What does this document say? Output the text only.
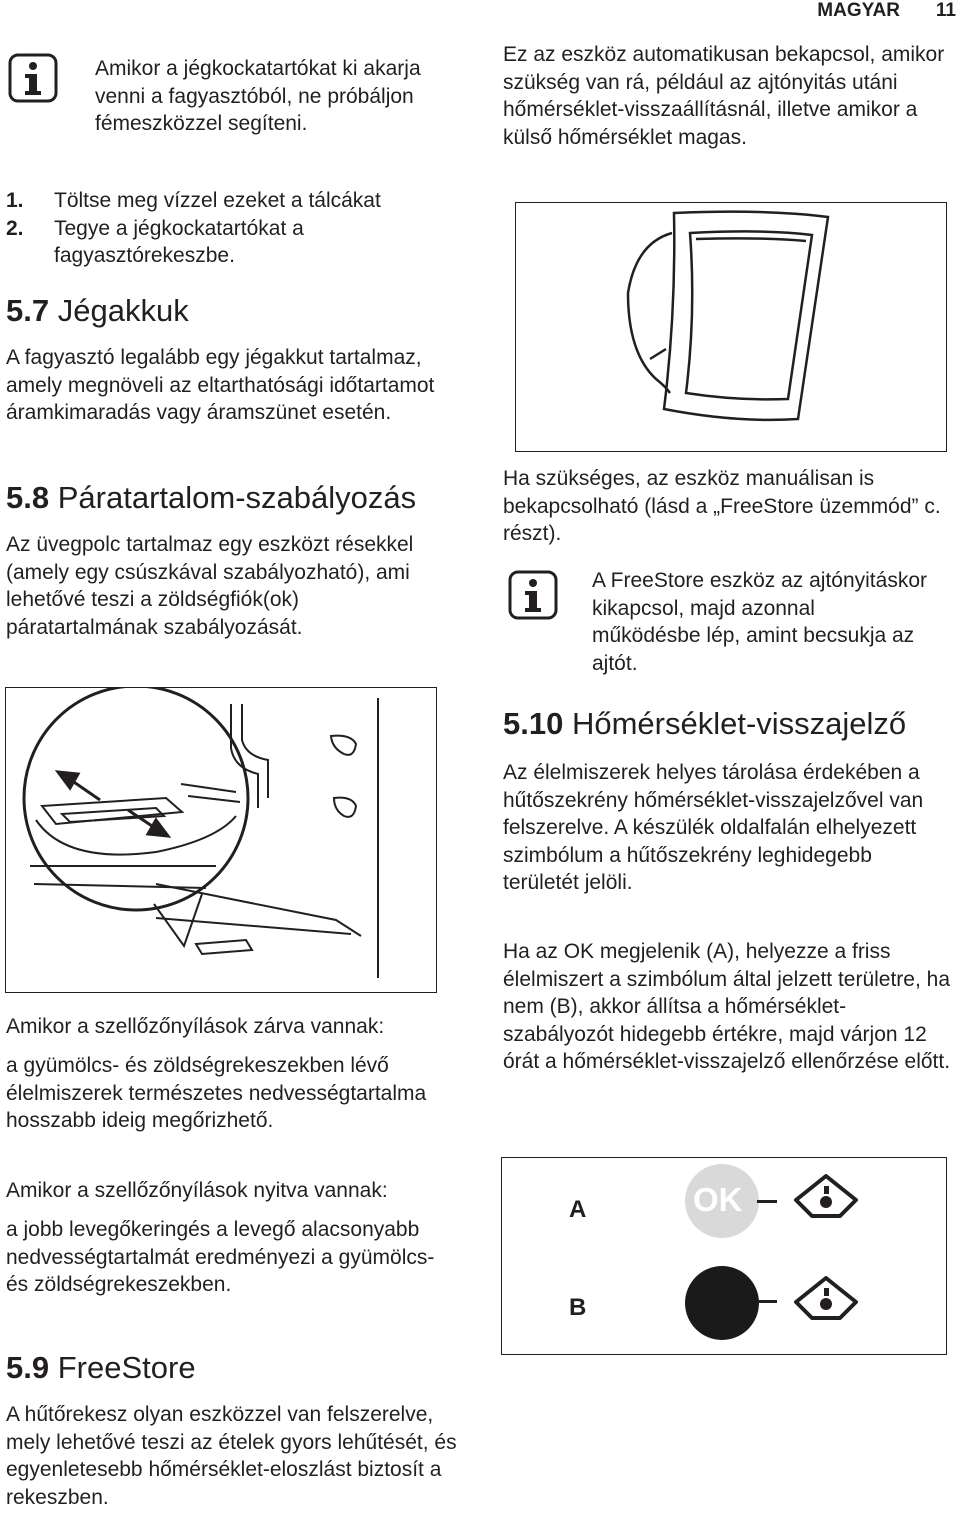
MAGYAR 11

Amikor a jégkockatartókat ki akarja venni a fagyasztóból, ne próbáljon fémeszközzel segíteni.

1. Töltse meg vízzel ezeket a tálcákat
2. Tegye a jégkockatartókat a fagyasztórekeszbe.
5.7 Jégakkuk

A fagyasztó legalább egy jégakkut tartalmaz, amely megnöveli az eltarthatósági időtartamot áramkimaradás vagy áramszünet esetén.

5.8 Páratartalom-szabályozás

Az üvegpolc tartalmaz egy eszközt résekkel (amely egy csúszkával szabályozható), ami lehetővé teszi a zöldségfiók(ok) páratartalmának szabályozását.

Amikor a szellőzőnyílások zárva vannak:

a gyümölcs- és zöldségrekeszekben lévő élelmiszerek természetes nedvességtartalma hosszabb ideig megőrizhető.

Amikor a szellőzőnyílások nyitva vannak:

a jobb levegőkeringés a levegő alacsonyabb nedvességtartalmát eredményezi a gyümölcs- és zöldségrekeszekben.

5.9 FreeStore

A hűtőrekesz olyan eszközzel van felszerelve, mely lehetővé teszi az ételek gyors lehűtését, és egyenletesebb hőmérséklet-eloszlást biztosít a rekeszben.

Ez az eszköz automatikusan bekapcsol, amikor szükség van rá, például az ajtónyitás utáni hőmérséklet-visszaállításnál, illetve amikor a külső hőmérséklet magas.

Ha szükséges, az eszköz manuálisan is bekapcsolható (lásd a „FreeStore üzemmód” c. részt).

A FreeStore eszköz az ajtónyitáskor kikapcsol, majd azonnal működésbe lép, amint becsukja az ajtót.

5.10 Hőmérséklet-visszajelző

Az élelmiszerek helyes tárolása érdekében a hűtőszekrény hőmérséklet-visszajelzővel van felszerelve. A készülék oldalfalán elhelyezett szimbólum a hűtőszekrény leghidegebb területét jelöli.

Ha az OK megjelenik (A), helyezze a friss élelmiszert a szimbólum által jelzett területre, ha nem (B), akkor állítsa a hőmérséklet-szabályozót hidegebb értékre, majd várjon 12 órát a hőmérséklet-visszajelző ellenőrzése előtt.

A
B
OK
